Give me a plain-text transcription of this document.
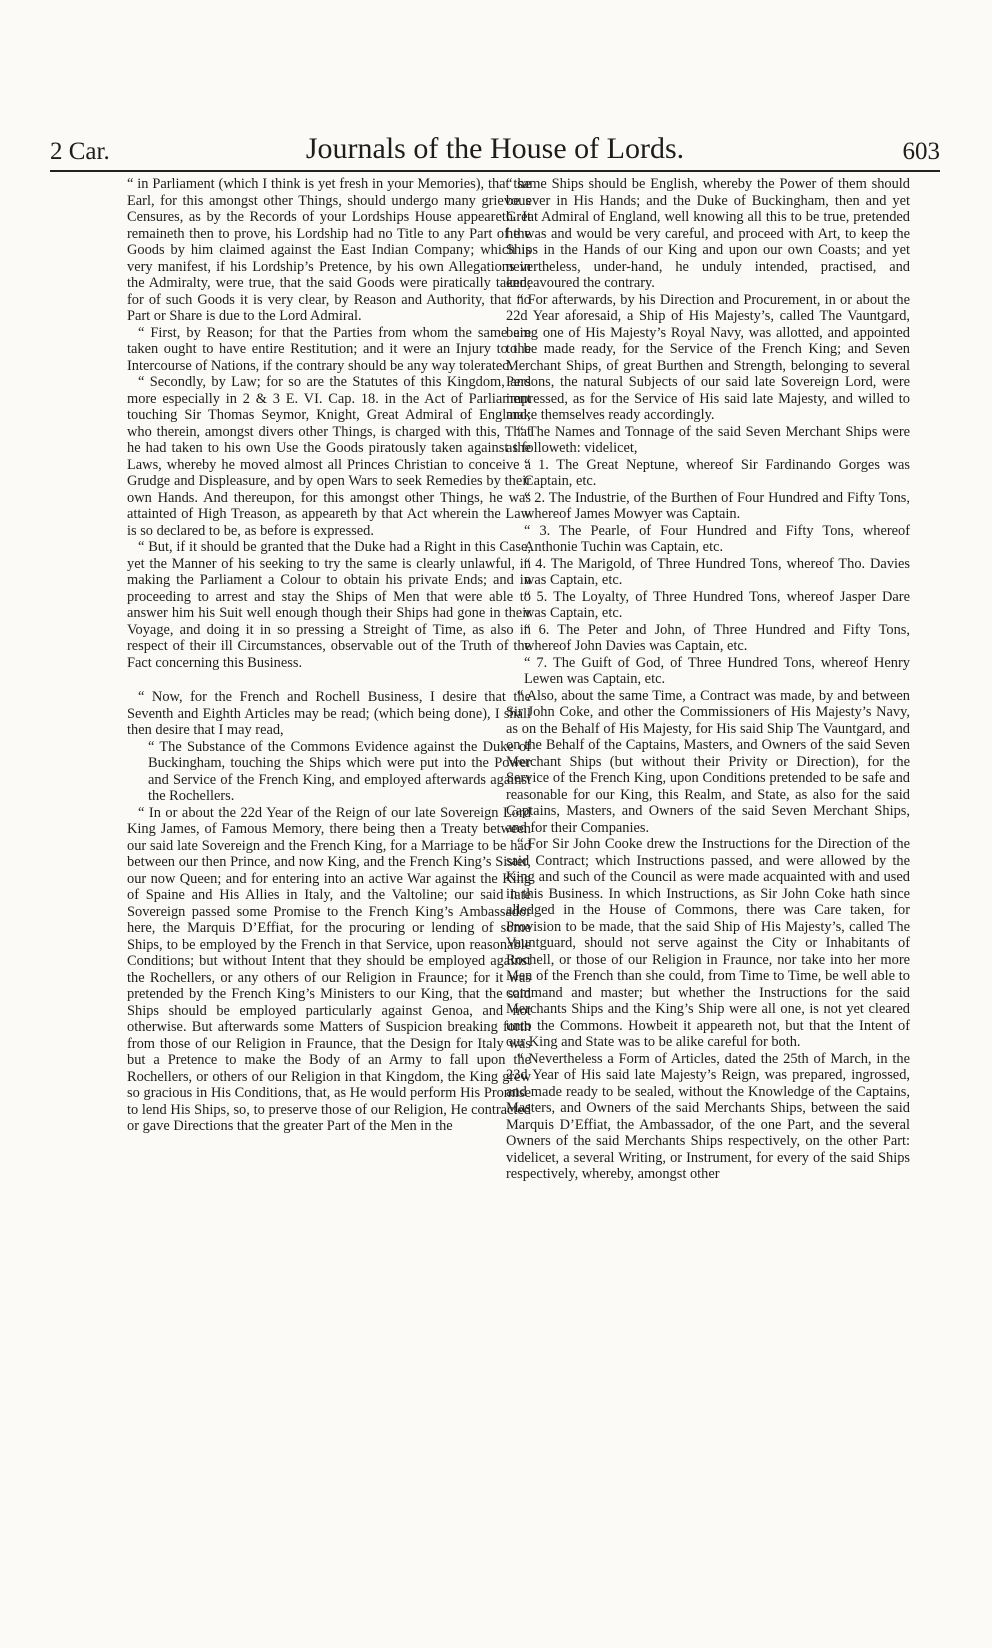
2 Car.	Journals of the House of Lords.	603

“ in Parliament (which I think is yet fresh in your Memories), that the Earl, for this amongst other Things, should undergo many grievous Censures, as by the Records of your Lordships House appeareth. It remaineth then to prove, his Lordship had no Title to any Part of the Goods by him claimed against the East Indian Company; which is very manifest, if his Lordship’s Pretence, by his own Allegations in the Admiralty, were true, that the said Goods were piratically taken; for of such Goods it is very clear, by Reason and Authority, that no Part or Share is due to the Lord Admiral.

“ First, by Reason; for that the Parties from whom the same are taken ought to have entire Restitution; and it were an Injury to the Intercourse of Nations, if the contrary should be any way tolerated.

“ Secondly, by Law; for so are the Statutes of this Kingdom, and more especially in 2 & 3 E. VI. Cap. 18. in the Act of Parliament touching Sir Thomas Seymor, Knight, Great Admiral of England; who therein, amongst divers other Things, is charged with this, That he had taken to his own Use the Goods piratously taken against the Laws, whereby he moved almost all Princes Christian to conceive a Grudge and Displeasure, and by open Wars to seek Remedies by their own Hands. And thereupon, for this amongst other Things, he was attainted of High Treason, as appeareth by that Act wherein the Law is so declared to be, as before is expressed.

“ But, if it should be granted that the Duke had a Right in this Case, yet the Manner of his seeking to try the same is clearly unlawful, in making the Parliament a Colour to obtain his private Ends; and in proceeding to arrest and stay the Ships of Men that were able to answer him his Suit well enough though their Ships had gone in their Voyage, and doing it in so pressing a Streight of Time, as also in respect of their ill Circumstances, observable out of the Truth of the Fact concerning this Business.

“ Now, for the French and Rochell Business, I desire that the Seventh and Eighth Articles may be read; (which being done), I shall then desire that I may read,

“ The Substance of the Commons Evidence against the Duke of Buckingham, touching the Ships which were put into the Power and Service of the French King, and employed afterwards against the Rochellers.

“ In or about the 22d Year of the Reign of our late Sovereign Lord King James, of Famous Memory, there being then a Treaty between our said late Sovereign and the French King, for a Marriage to be had between our then Prince, and now King, and the French King’s Sister, our now Queen; and for entering into an active War against the King of Spaine and His Allies in Italy, and the Valtoline; our said late Sovereign passed some Promise to the French King’s Ambassador here, the Marquis D’Effiat, for the procuring or lending of some Ships, to be employed by the French in that Service, upon reasonable Conditions; but without Intent that they should be employed against the Rochellers, or any others of our Religion in Fraunce; for it was pretended by the French King’s Ministers to our King, that the said Ships should be employed particularly against Genoa, and not otherwise. But afterwards some Matters of Suspicion breaking forth from those of our Religion in Fraunce, that the Design for Italy was but a Pretence to make the Body of an Army to fall upon the Rochellers, or others of our Religion in that Kingdom, the King grew so gracious in His Conditions, that, as He would perform His Promise to lend His Ships, so, to preserve those of our Religion, He contracted or gave Directions that the greater Part of the Men in the

“ same Ships should be English, whereby the Power of them should be ever in His Hands; and the Duke of Buckingham, then and yet Great Admiral of England, well knowing all this to be true, pretended he was and would be very careful, and proceed with Art, to keep the Ships in the Hands of our King and upon our own Coasts; and yet nevertheless, under-hand, he unduly intended, practised, and endeavoured the contrary.

“ For afterwards, by his Direction and Procurement, in or about the 22d Year aforesaid, a Ship of His Majesty’s, called The Vauntgard, being one of His Majesty’s Royal Navy, was allotted, and appointed to be made ready, for the Service of the French King; and Seven Merchant Ships, of great Burthen and Strength, belonging to several Persons, the natural Subjects of our said late Sovereign Lord, were impressed, as for the Service of His said late Majesty, and willed to make themselves ready accordingly.

“ The Names and Tonnage of the said Seven Merchant Ships were as followeth: videlicet,

“ 1. The Great Neptune, whereof Sir Fardinando Gorges was Captain, etc.

“ 2. The Industrie, of the Burthen of Four Hundred and Fifty Tons, whereof James Mowyer was Captain.

“ 3. The Pearle, of Four Hundred and Fifty Tons, whereof Anthonie Tuchin was Captain, etc.

“ 4. The Marigold, of Three Hundred Tons, whereof Tho. Davies was Captain, etc.

“ 5. The Loyalty, of Three Hundred Tons, whereof Jasper Dare was Captain, etc.

“ 6. The Peter and John, of Three Hundred and Fifty Tons, whereof John Davies was Captain, etc.

“ 7. The Guift of God, of Three Hundred Tons, whereof Henry Lewen was Captain, etc.

“ Also, about the same Time, a Contract was made, by and between Sir John Coke, and other the Commissioners of His Majesty’s Navy, as on the Behalf of His Majesty, for His said Ship The Vauntgard, and on the Behalf of the Captains, Masters, and Owners of the said Seven Merchant Ships (but without their Privity or Direction), for the Service of the French King, upon Conditions pretended to be safe and reasonable for our King, this Realm, and State, as also for the said Captains, Masters, and Owners of the said Seven Merchant Ships, and for their Companies.

“ For Sir John Cooke drew the Instructions for the Direction of the said Contract; which Instructions passed, and were allowed by the King and such of the Council as were made acquainted with and used in this Business. In which Instructions, as Sir John Coke hath since alledged in the House of Commons, there was Care taken, for Provision to be made, that the said Ship of His Majesty’s, called The Vauntguard, should not serve against the City or Inhabitants of Rochell, or those of our Religion in Fraunce, nor take into her more Men of the French than she could, from Time to Time, be well able to command and master; but whether the Instructions for the said Merchants Ships and the King’s Ship were all one, is not yet cleared unto the Commons. Howbeit it appeareth not, but that the Intent of our King and State was to be alike careful for both.

“ Nevertheless a Form of Articles, dated the 25th of March, in the 23d Year of His said late Majesty’s Reign, was prepared, ingrossed, and made ready to be sealed, without the Knowledge of the Captains, Masters, and Owners of the said Merchants Ships, between the said Marquis D’Effiat, the Ambassador, of the one Part, and the several Owners of the said Merchants Ships respectively, on the other Part: videlicet, a several Writing, or Instrument, for every of the said Ships respectively, whereby, amongst other
